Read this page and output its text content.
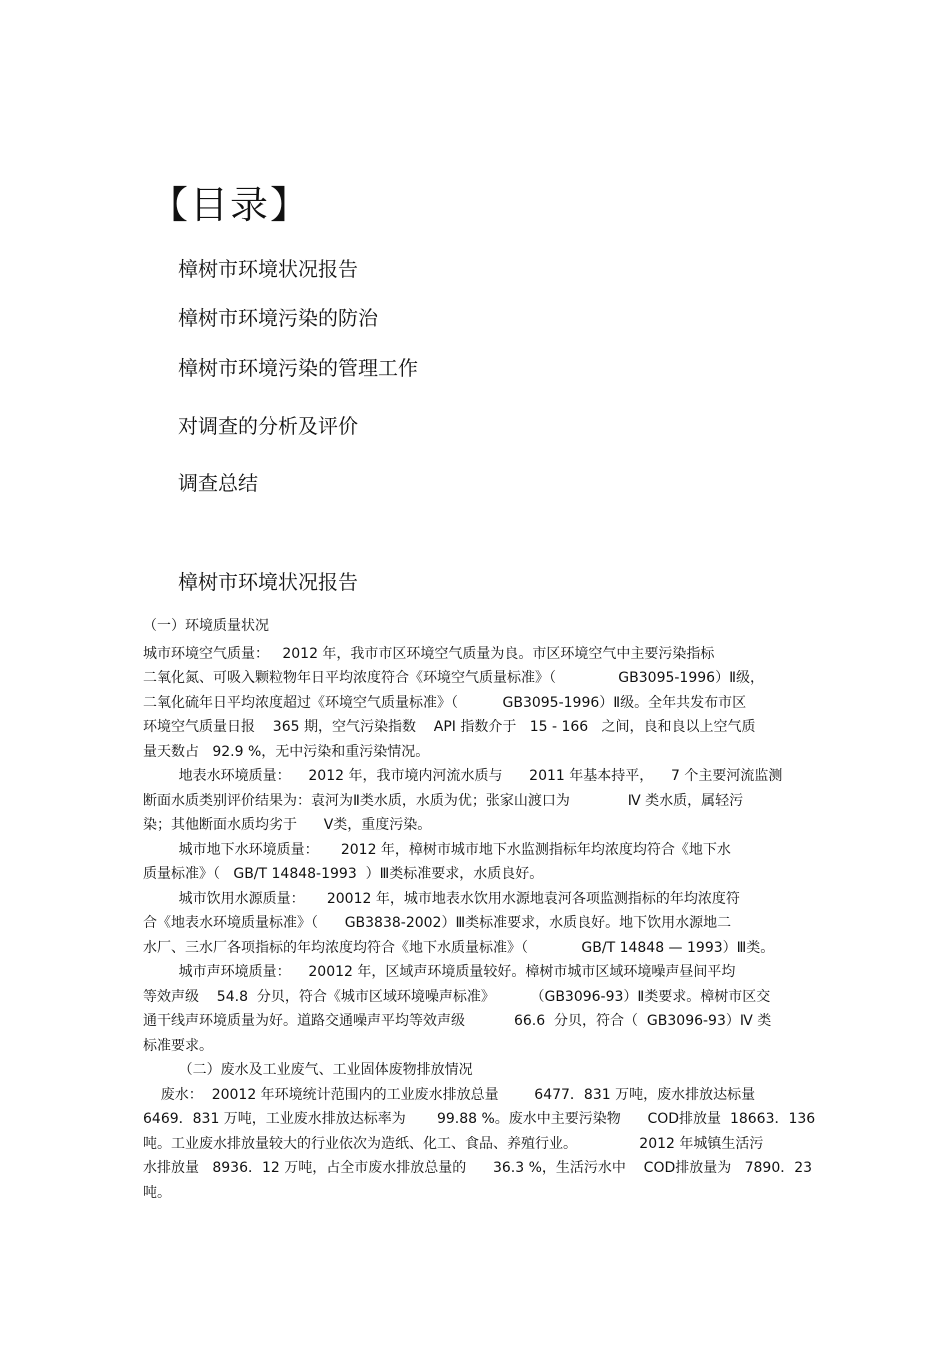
【目录】
樟树市环境状况报告
樟树市环境污染的防治
樟树市环境污染的管理工作
对调查的分析及评价
调查总结
樟树市环境状况报告
（一）环境质量状况
城市环境空气质量：   2012 年，我市市区环境空气质量为良。市区环境空气中主要污染指标
二氧化氮、可吸入颗粒物年日平均浓度符合《环境空气质量标准》（              GB3095-1996）Ⅱ级，
二氧化硫年日平均浓度超过《环境空气质量标准》（          GB3095-1996）Ⅱ级。全年共发布市区
环境空气质量日报    365 期，空气污染指数    API 指数介于   15 - 166   之间，良和良以上空气质
量天数占   92.9 %，无中污染和重污染情况。
地表水环境质量：    2012 年，我市境内河流水质与      2011 年基本持平，    7 个主要河流监测
断面水质类别评价结果为：袁河为Ⅱ类水质，水质为优；张家山渡口为             Ⅳ 类水质，属轻污
染；其他断面水质均劣于      Ⅴ类，重度污染。
城市地下水环境质量：     2012 年，樟树市城市地下水监测指标年均浓度均符合《地下水
质量标准》（   GB/T 14848-1993  ）Ⅲ类标准要求，水质良好。
城市饮用水源质量：     20012 年，城市地表水饮用水源地袁河各项监测指标的年均浓度符
合《地表水环境质量标准》（      GB3838-2002）Ⅲ类标准要求，水质良好。地下饮用水源地二
水厂、三水厂各项指标的年均浓度均符合《地下水质量标准》（            GB/T 14848 — 1993）Ⅲ类。
城市声环境质量：    20012 年，区域声环境质量较好。樟树市城市区域环境噪声昼间平均
等效声级    54.8  分贝，符合《城市区域环境噪声标准》        （GB3096-93）Ⅱ类要求。樟树市区交
通干线声环境质量为好。道路交通噪声平均等效声级           66.6  分贝，符合（  GB3096-93）Ⅳ 类
标准要求。
（二）废水及工业废气、工业固体废物排放情况
废水：  20012 年环境统计范围内的工业废水排放总量        6477．831 万吨，废水排放达标量
6469．831 万吨，工业废水排放达标率为       99.88 %。废水中主要污染物      COD排放量  18663．136
吨。工业废水排放量较大的行业依次为造纸、化工、食品、养殖行业。              2012 年城镇生活污
水排放量   8936．12 万吨，占全市废水排放总量的      36.3 %，生活污水中    COD排放量为   7890．23
吨。
